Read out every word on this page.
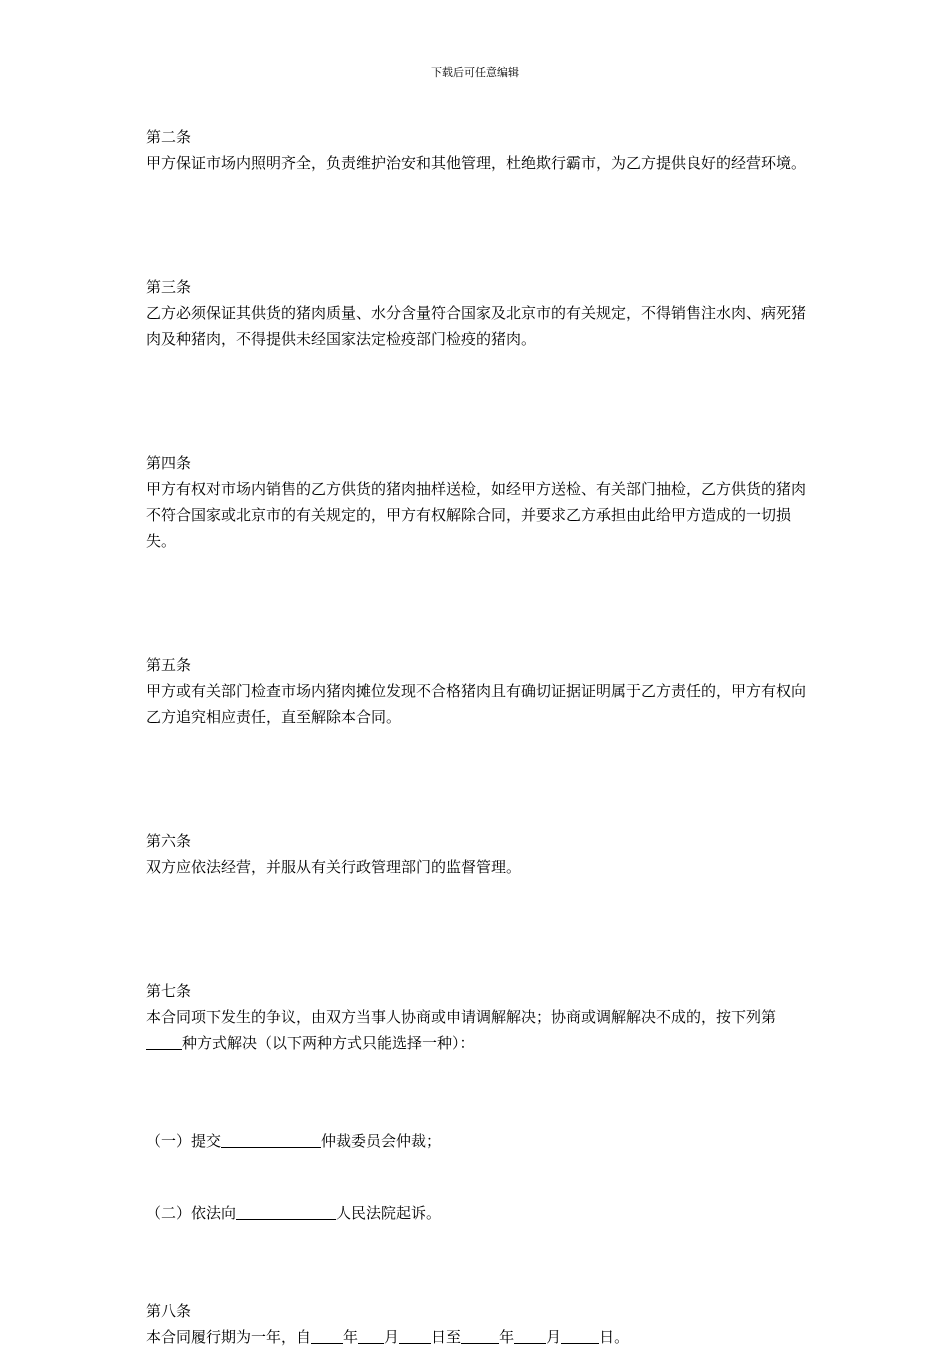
下载后可任意编辑

第二条

甲方保证市场内照明齐全，负责维护治安和其他管理，杜绝欺行霸市，为乙方提供良好的经营环境。

第三条

乙方必须保证其供货的猪肉质量、水分含量符合国家及北京市的有关规定，不得销售注水肉、病死猪肉及种猪肉，不得提供未经国家法定检疫部门检疫的猪肉。

第四条

甲方有权对市场内销售的乙方供货的猪肉抽样送检，如经甲方送检、有关部门抽检，乙方供货的猪肉不符合国家或北京市的有关规定的，甲方有权解除合同，并要求乙方承担由此给甲方造成的一切损失。

第五条

甲方或有关部门检查市场内猪肉摊位发现不合格猪肉且有确切证据证明属于乙方责任的，甲方有权向乙方追究相应责任，直至解除本合同。

第六条

双方应依法经营，并服从有关行政管理部门的监督管理。

第七条

本合同项下发生的争议，由双方当事人协商或申请调解解决；协商或调解解决不成的，按下列第种方式解决（以下两种方式只能选择一种）：

（一）提交	仲裁委员会仲裁；

（二）依法向	人民法院起诉。

第八条

本合同履行期为一年，自 年 月 日至	年 月	日。
